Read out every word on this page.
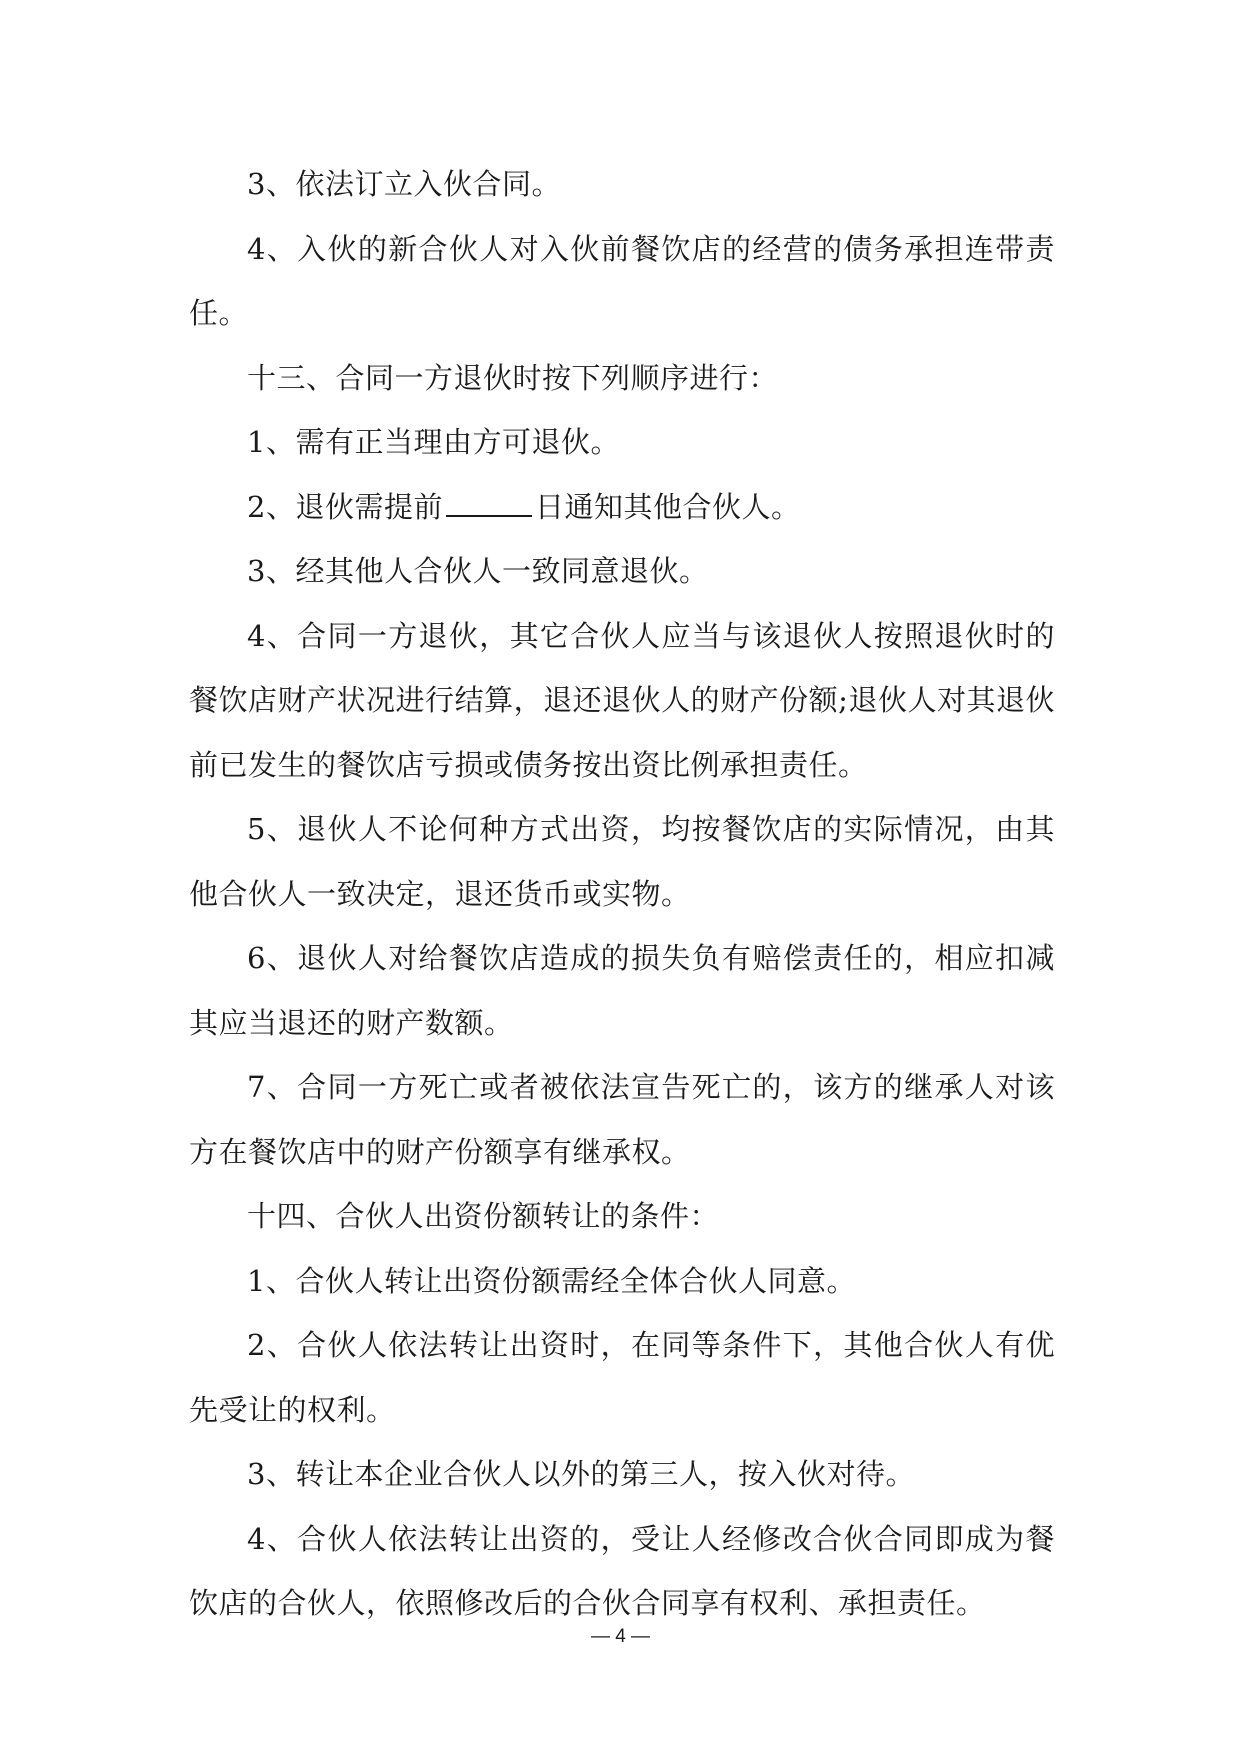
3、依法订立入伙合同。

4、入伙的新合伙人对入伙前餐饮店的经营的债务承担连带责任。

十三、合同一方退伙时按下列顺序进行：

1、需有正当理由方可退伙。

2、退伙需提前	日通知其他合伙人。

3、经其他人合伙人一致同意退伙。

4、合同一方退伙，其它合伙人应当与该退伙人按照退伙时的餐饮店财产状况进行结算，退还退伙人的财产份额;退伙人对其退伙前已发生的餐饮店亏损或债务按出资比例承担责任。

5、退伙人不论何种方式出资，均按餐饮店的实际情况，由其他合伙人一致决定，退还货币或实物。

6、退伙人对给餐饮店造成的损失负有赔偿责任的，相应扣减其应当退还的财产数额。

7、合同一方死亡或者被依法宣告死亡的，该方的继承人对该方在餐饮店中的财产份额享有继承权。

十四、合伙人出资份额转让的条件：

1、合伙人转让出资份额需经全体合伙人同意。

2、合伙人依法转让出资时，在同等条件下，其他合伙人有优先受让的权利。

3、转让本企业合伙人以外的第三人，按入伙对待。

4、合伙人依法转让出资的，受让人经修改合伙合同即成为餐饮店的合伙人，依照修改后的合伙合同享有权利、承担责任。

— 4 —
